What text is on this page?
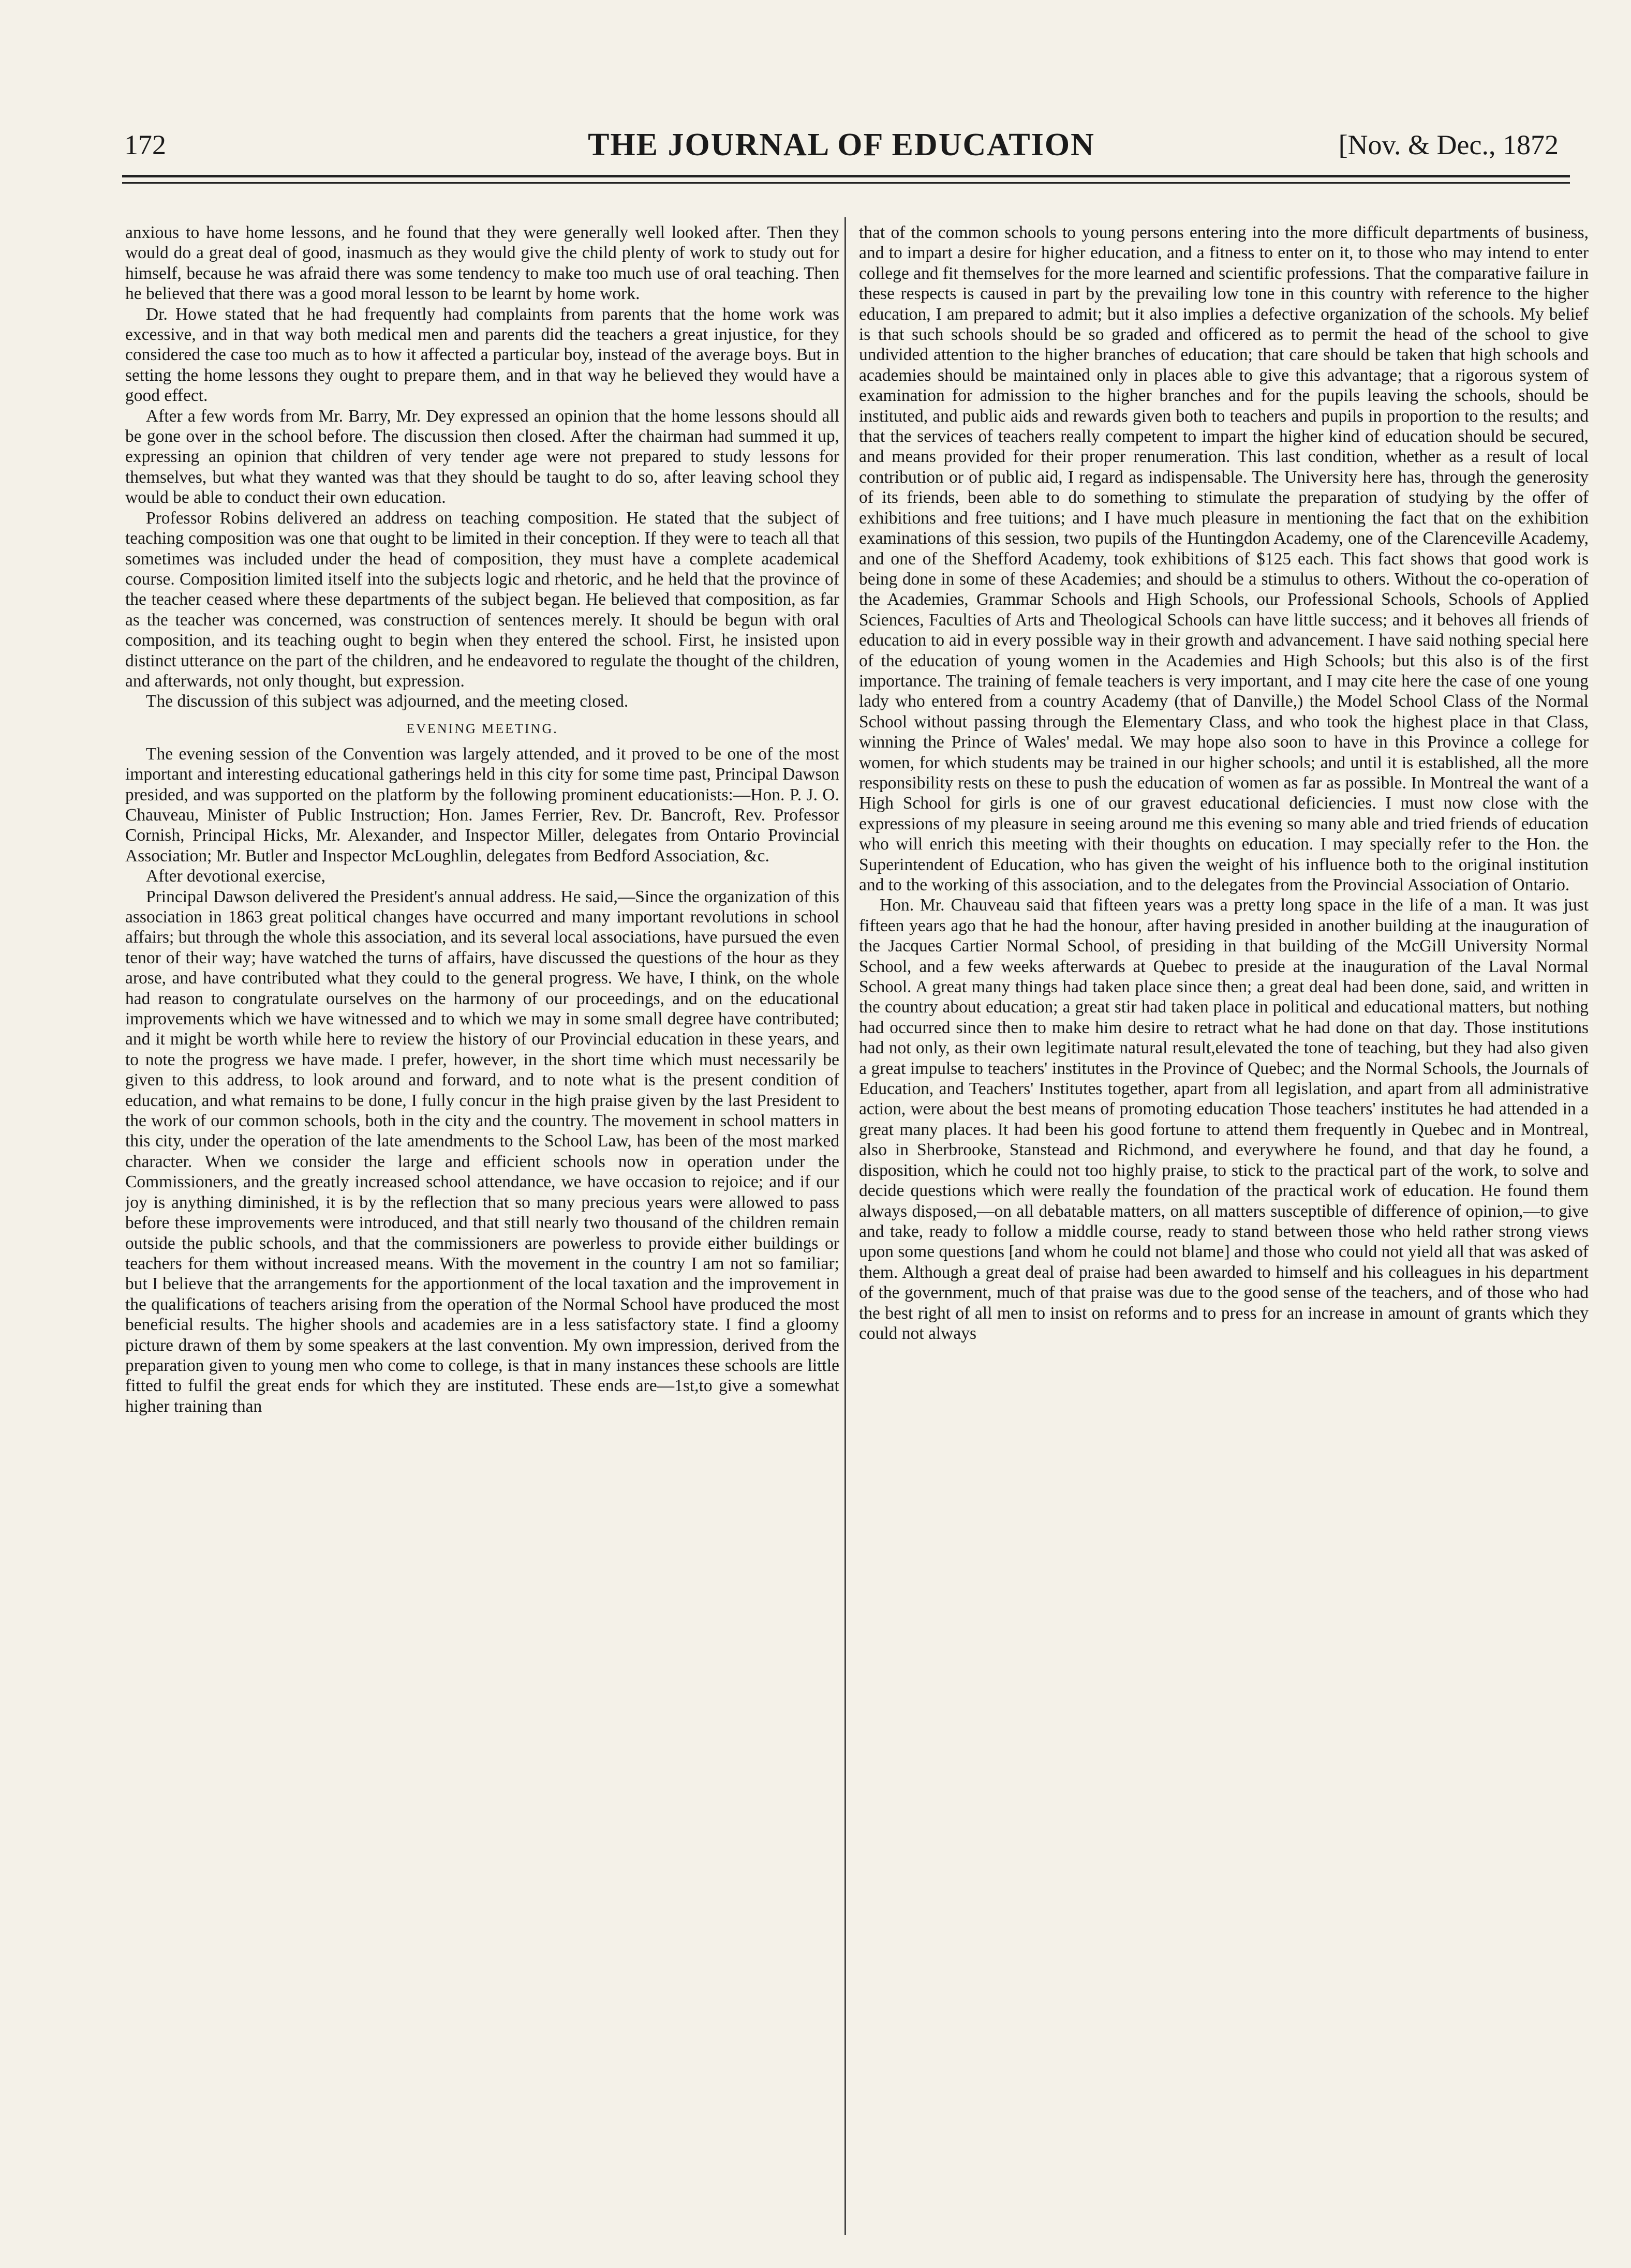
172	THE JOURNAL OF EDUCATION	[Nov. & Dec., 1872

anxious to have home lessons, and he found that they were generally well looked after. Then they would do a great deal of good, inasmuch as they would give the child plenty of work to study out for himself, because he was afraid there was some tendency to make too much use of oral teaching. Then he believed that there was a good moral lesson to be learnt by home work.

Dr. Howe stated that he had frequently had complaints from parents that the home work was excessive, and in that way both medical men and parents did the teachers a great injustice, for they considered the case too much as to how it affected a particular boy, instead of the average boys. But in setting the home lessons they ought to prepare them, and in that way he believed they would have a good effect.

After a few words from Mr. Barry, Mr. Dey expressed an opinion that the home lessons should all be gone over in the school before. The discussion then closed. After the chairman had summed it up, expressing an opinion that children of very tender age were not prepared to study lessons for themselves, but what they wanted was that they should be taught to do so, after leaving school they would be able to conduct their own education.

Professor Robins delivered an address on teaching composition. He stated that the subject of teaching composition was one that ought to be limited in their conception. If they were to teach all that sometimes was included under the head of composition, they must have a complete academical course. Composition limited itself into the subjects logic and rhetoric, and he held that the province of the teacher ceased where these departments of the subject began. He believed that composition, as far as the teacher was concerned, was construction of sentences merely. It should be begun with oral composition, and its teaching ought to begin when they entered the school. First, he insisted upon distinct utterance on the part of the children, and he endeavored to regulate the thought of the children, and afterwards, not only thought, but expression.

The discussion of this subject was adjourned, and the meeting closed.

EVENING MEETING.

The evening session of the Convention was largely attended, and it proved to be one of the most important and interesting educational gatherings held in this city for some time past, Principal Dawson presided, and was supported on the platform by the following prominent educationists:—Hon. P. J. O. Chauveau, Minister of Public Instruction; Hon. James Ferrier, Rev. Dr. Bancroft, Rev. Professor Cornish, Principal Hicks, Mr. Alexander, and Inspector Miller, delegates from Ontario Provincial Association; Mr. Butler and Inspector McLoughlin, delegates from Bedford Association, &c.

After devotional exercise,

Principal Dawson delivered the President's annual address. He said,—Since the organization of this association in 1863 great political changes have occurred and many important revolutions in school affairs; but through the whole this association, and its several local associations, have pursued the even tenor of their way; have watched the turns of affairs, have discussed the questions of the hour as they arose, and have contributed what they could to the general progress. We have, I think, on the whole had reason to congratulate ourselves on the harmony of our proceedings, and on the educational improvements which we have witnessed and to which we may in some small degree have contributed; and it might be worth while here to review the history of our Provincial education in these years, and to note the progress we have made. I prefer, however, in the short time which must necessarily be given to this address, to look around and forward, and to note what is the present condition of education, and what remains to be done, I fully concur in the high praise given by the last President to the work of our common schools, both in the city and the country. The movement in school matters in this city, under the operation of the late amendments to the School Law, has been of the most marked character. When we consider the large and efficient schools now in operation under the Commissioners, and the greatly increased school attendance, we have occasion to rejoice; and if our joy is anything diminished, it is by the reflection that so many precious years were allowed to pass before these improvements were introduced, and that still nearly two thousand of the children remain outside the public schools, and that the commissioners are powerless to provide either buildings or teachers for them without increased means. With the movement in the country I am not so familiar; but I believe that the arrangements for the apportionment of the local taxation and the improvement in the qualifications of teachers arising from the operation of the Normal School have produced the most beneficial results. The higher shools and academies are in a less satisfactory state. I find a gloomy picture drawn of them by some speakers at the last convention. My own impression, derived from the preparation given to young men who come to college, is that in many instances these schools are little fitted to fulfil the great ends for which they are instituted. These ends are—1st,to give a somewhat higher training than

that of the common schools to young persons entering into the more difficult departments of business, and to impart a desire for higher education, and a fitness to enter on it, to those who may intend to enter college and fit themselves for the more learned and scientific professions. That the comparative failure in these respects is caused in part by the prevailing low tone in this country with reference to the higher education, I am prepared to admit; but it also implies a defective organization of the schools. My belief is that such schools should be so graded and officered as to permit the head of the school to give undivided attention to the higher branches of education; that care should be taken that high schools and academies should be maintained only in places able to give this advantage; that a rigorous system of examination for admission to the higher branches and for the pupils leaving the schools, should be instituted, and public aids and rewards given both to teachers and pupils in proportion to the results; and that the services of teachers really competent to impart the higher kind of education should be secured, and means provided for their proper renumeration. This last condition, whether as a result of local contribution or of public aid, I regard as indispensable. The University here has, through the generosity of its friends, been able to do something to stimulate the preparation of studying by the offer of exhibitions and free tuitions; and I have much pleasure in mentioning the fact that on the exhibition examinations of this session, two pupils of the Huntingdon Academy, one of the Clarenceville Academy, and one of the Shefford Academy, took exhibitions of $125 each. This fact shows that good work is being done in some of these Academies; and should be a stimulus to others. Without the co-operation of the Academies, Grammar Schools and High Schools, our Professional Schools, Schools of Applied Sciences, Faculties of Arts and Theological Schools can have little success; and it behoves all friends of education to aid in every possible way in their growth and advancement. I have said nothing special here of the education of young women in the Academies and High Schools; but this also is of the first importance. The training of female teachers is very important, and I may cite here the case of one young lady who entered from a country Academy (that of Danville,) the Model School Class of the Normal School without passing through the Elementary Class, and who took the highest place in that Class, winning the Prince of Wales' medal. We may hope also soon to have in this Province a college for women, for which students may be trained in our higher schools; and until it is established, all the more responsibility rests on these to push the education of women as far as possible. In Montreal the want of a High School for girls is one of our gravest educational deficiencies. I must now close with the expressions of my pleasure in seeing around me this evening so many able and tried friends of education who will enrich this meeting with their thoughts on education. I may specially refer to the Hon. the Superintendent of Education, who has given the weight of his influence both to the original institution and to the working of this association, and to the delegates from the Provincial Association of Ontario.

Hon. Mr. Chauveau said that fifteen years was a pretty long space in the life of a man. It was just fifteen years ago that he had the honour, after having presided in another building at the inauguration of the Jacques Cartier Normal School, of presiding in that building of the McGill University Normal School, and a few weeks afterwards at Quebec to preside at the inauguration of the Laval Normal School. A great many things had taken place since then; a great deal had been done, said, and written in the country about education; a great stir had taken place in political and educational matters, but nothing had occurred since then to make him desire to retract what he had done on that day. Those institutions had not only, as their own legitimate natural result,elevated the tone of teaching, but they had also given a great impulse to teachers' institutes in the Province of Quebec; and the Normal Schools, the Journals of Education, and Teachers' Institutes together, apart from all legislation, and apart from all administrative action, were about the best means of promoting education Those teachers' institutes he had attended in a great many places. It had been his good fortune to attend them frequently in Quebec and in Montreal, also in Sherbrooke, Stanstead and Richmond, and everywhere he found, and that day he found, a disposition, which he could not too highly praise, to stick to the practical part of the work, to solve and decide questions which were really the foundation of the practical work of education. He found them always disposed,—on all debatable matters, on all matters susceptible of difference of opinion,—to give and take, ready to follow a middle course, ready to stand between those who held rather strong views upon some questions [and whom he could not blame] and those who could not yield all that was asked of them. Although a great deal of praise had been awarded to himself and his colleagues in his department of the government, much of that praise was due to the good sense of the teachers, and of those who had the best right of all men to insist on reforms and to press for an increase in amount of grants which they could not always
